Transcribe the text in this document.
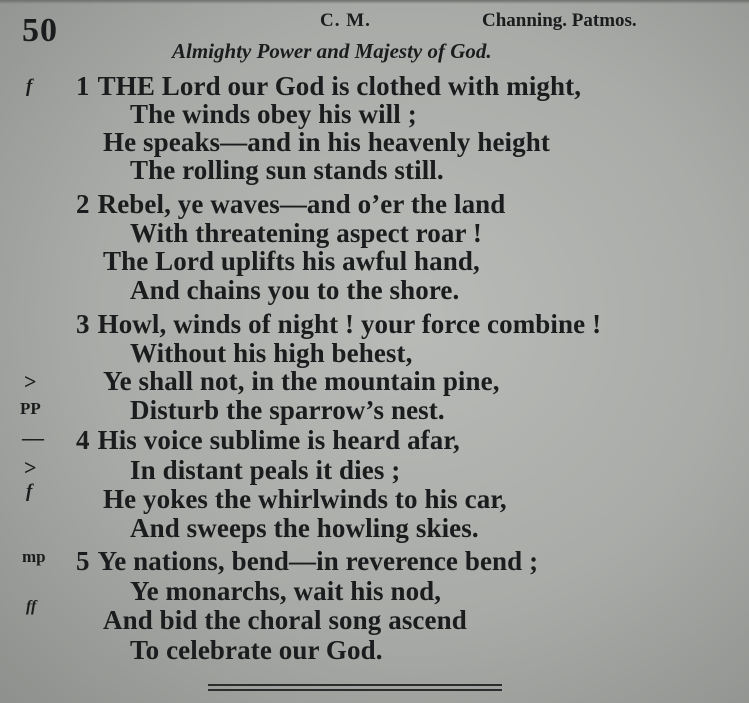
50	C. M.	Channing. Patmos.
Almighty Power and Majesty of God.
f
>
PP
—
>
f
mp
ff
1 THE Lord our God is clothed with might,
The winds obey his will ;
He speaks—and in his heavenly height
The rolling sun stands still.
2 Rebel, ye waves—and o’er the land
With threatening aspect roar !
The Lord uplifts his awful hand,
And chains you to the shore.
3 Howl, winds of night ! your force combine !
Without his high behest,
Ye shall not, in the mountain pine,
Disturb the sparrow’s nest.
4 His voice sublime is heard afar,
In distant peals it dies ;
He yokes the whirlwinds to his car,
And sweeps the howling skies.
5 Ye nations, bend—in reverence bend ;
Ye monarchs, wait his nod,
And bid the choral song ascend
To celebrate our God.
